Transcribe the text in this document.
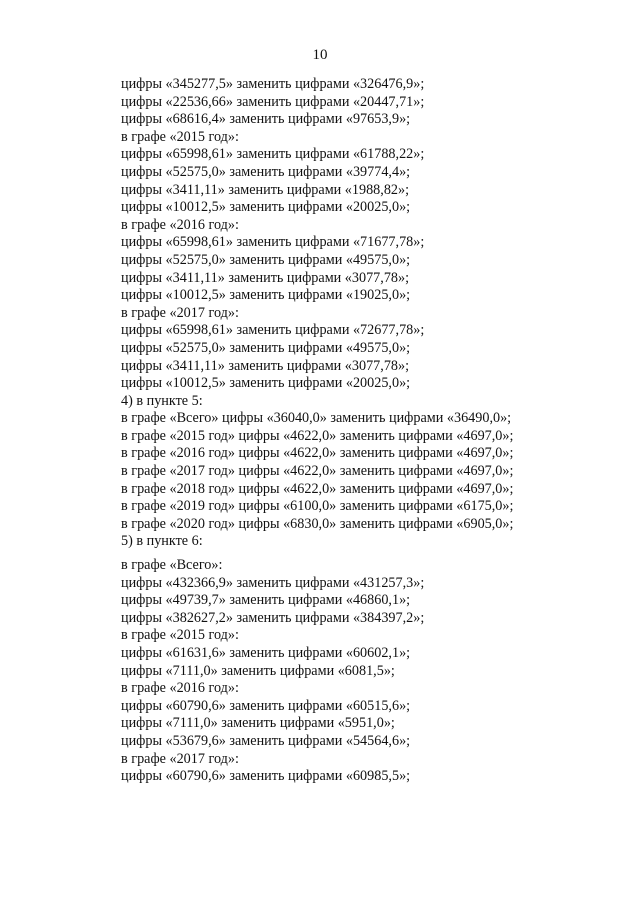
10

цифры «345277,5» заменить цифрами «326476,9»;

цифры «22536,66» заменить цифрами «20447,71»;

цифры «68616,4» заменить цифрами «97653,9»;

в графе «2015 год»:

цифры «65998,61» заменить цифрами «61788,22»;

цифры «52575,0» заменить цифрами «39774,4»;

цифры «3411,11» заменить цифрами «1988,82»;

цифры «10012,5» заменить цифрами «20025,0»;

в графе «2016 год»:

цифры «65998,61» заменить цифрами «71677,78»;

цифры «52575,0» заменить цифрами «49575,0»;

цифры «3411,11» заменить цифрами «3077,78»;

цифры «10012,5» заменить цифрами «19025,0»;

в графе «2017 год»:

цифры «65998,61» заменить цифрами «72677,78»;

цифры «52575,0» заменить цифрами «49575,0»;

цифры «3411,11» заменить цифрами «3077,78»;

цифры «10012,5» заменить цифрами «20025,0»;

4) в пункте 5:

в графе «Всего» цифры «36040,0» заменить цифрами «36490,0»;

в графе «2015 год» цифры «4622,0» заменить цифрами «4697,0»;

в графе «2016 год» цифры «4622,0» заменить цифрами «4697,0»;

в графе «2017 год» цифры «4622,0» заменить цифрами «4697,0»;

в графе «2018 год» цифры «4622,0» заменить цифрами «4697,0»;

в графе «2019 год» цифры «6100,0» заменить цифрами «6175,0»;

в графе «2020 год» цифры «6830,0» заменить цифрами «6905,0»;

5) в пункте 6:

в графе «Всего»:

цифры «432366,9» заменить цифрами «431257,3»;

цифры «49739,7» заменить цифрами «46860,1»;

цифры «382627,2» заменить цифрами «384397,2»;

в графе «2015 год»:

цифры «61631,6» заменить цифрами «60602,1»;

цифры «7111,0» заменить цифрами «6081,5»;

в графе «2016 год»:

цифры «60790,6» заменить цифрами «60515,6»;

цифры «7111,0» заменить цифрами «5951,0»;

цифры «53679,6» заменить цифрами «54564,6»;

в графе «2017 год»:

цифры «60790,6» заменить цифрами «60985,5»;
